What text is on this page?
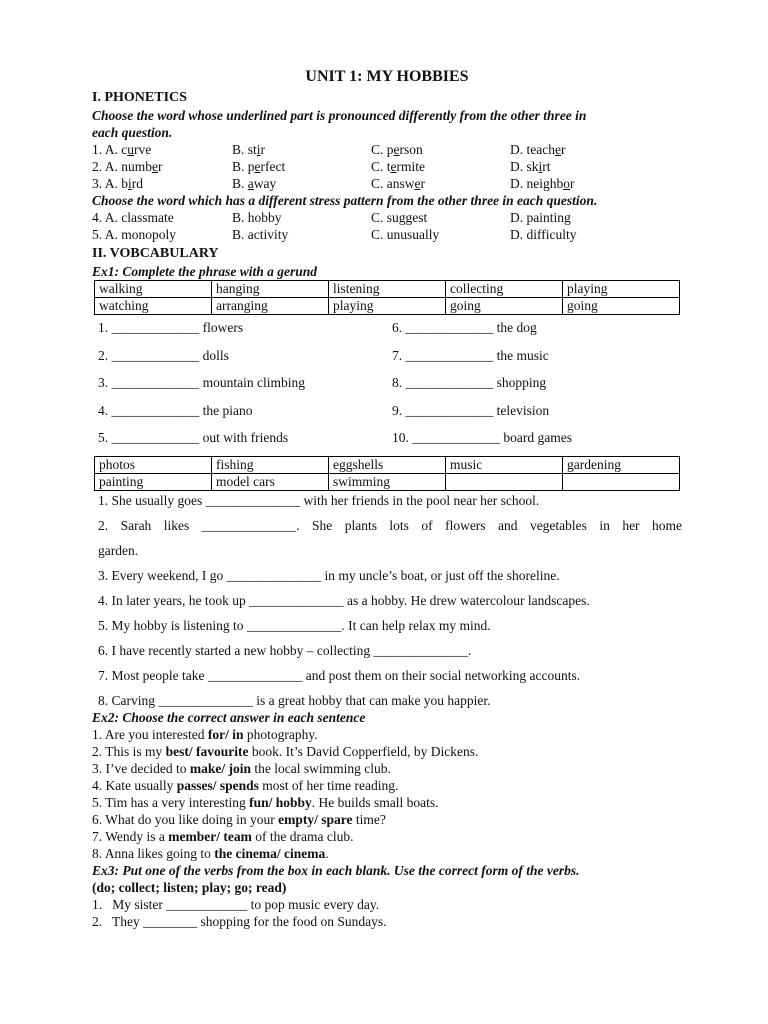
UNIT 1: MY HOBBIES
I. PHONETICS
Choose the word whose underlined part is pronounced differently from the other three in
each question.
1. A. curve	B. stir	C. person	D. teacher
2. A. number	B. perfect	C. termite	D. skirt
3. A. bird	B. away	C. answer	D. neighbor
Choose the word which has a different stress pattern from the other three in each question.
4. A. classmate	B. hobby	C. suggest	D. painting
5. A. monopoly	B. activity	C. unusually	D. difficulty
II. VOBCABULARY
Ex1: Complete the phrase with a gerund
walking	hanging	listening	collecting	playing
watching	arranging	playing	going	going
1. _____________ flowers	6. _____________ the dog
2. _____________ dolls	7. _____________ the music
3. _____________ mountain climbing	8. _____________ shopping
4. _____________ the piano	9. _____________ television
5. _____________ out with friends	10. _____________ board games
photos	fishing	eggshells	music	gardening
painting	model cars	swimming		
1. She usually goes ______________ with her friends in the pool near her school.
2. Sarah likes ______________. She plants lots of flowers and vegetables in her home
garden.
3. Every weekend, I go ______________ in my uncle’s boat, or just off the shoreline.
4. In later years, he took up ______________ as a hobby. He drew watercolour landscapes.
5. My hobby is listening to ______________. It can help relax my mind.
6. I have recently started a new hobby – collecting ______________.
7. Most people take ______________ and post them on their social networking accounts.
8. Carving ______________ is a great hobby that can make you happier.
Ex2: Choose the correct answer in each sentence
1. Are you interested for/ in photography.
2. This is my best/ favourite book. It’s David Copperfield, by Dickens.
3. I’ve decided to make/ join the local swimming club.
4. Kate usually passes/ spends most of her time reading.
5. Tim has a very interesting fun/ hobby. He builds small boats.
6. What do you like doing in your empty/ spare time?
7. Wendy is a member/ team of the drama club.
8. Anna likes going to the cinema/ cinema.
Ex3: Put one of the verbs from the box in each blank. Use the correct form of the verbs.
(do; collect; listen; play; go; read)
1.   My sister ____________ to pop music every day.
2.   They ________ shopping for the food on Sundays.
